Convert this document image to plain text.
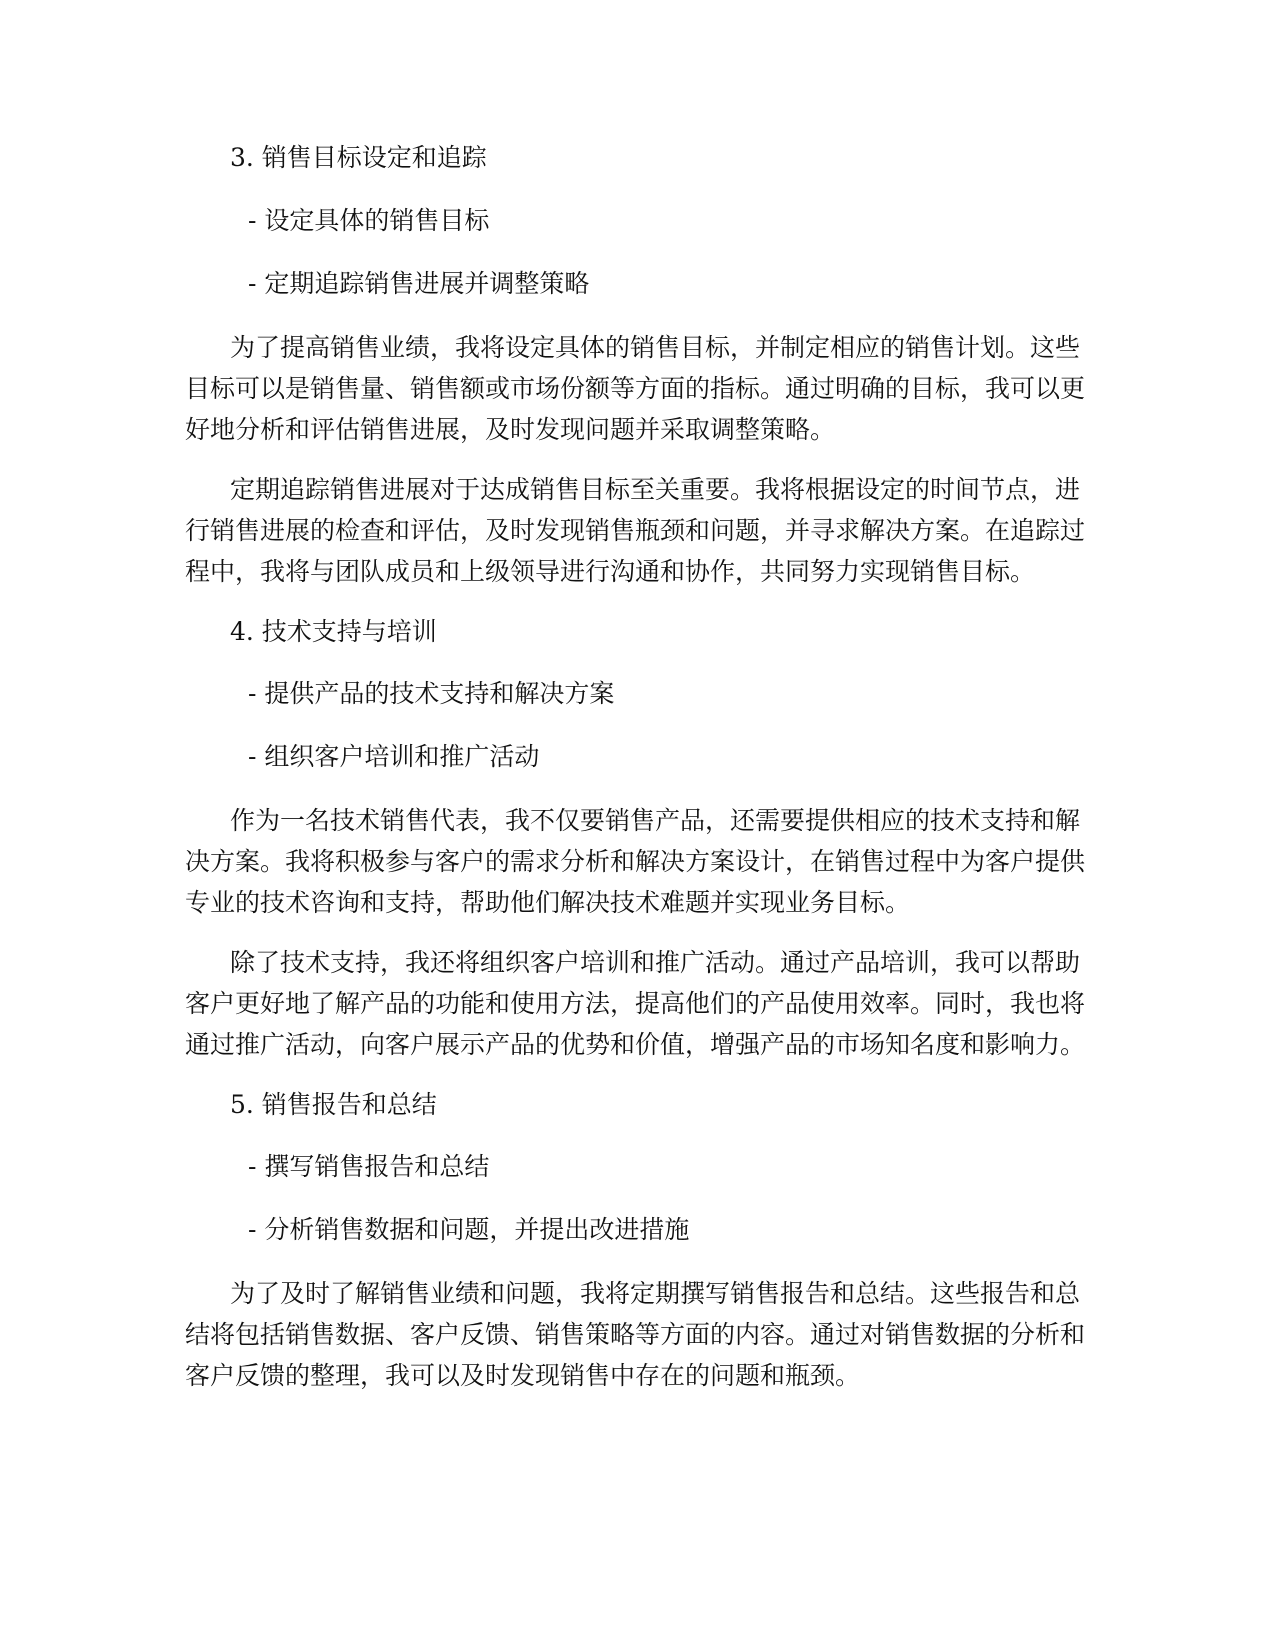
3. 销售目标设定和追踪
- 设定具体的销售目标
- 定期追踪销售进展并调整策略
为了提高销售业绩，我将设定具体的销售目标，并制定相应的销售计划。这些
目标可以是销售量、销售额或市场份额等方面的指标。通过明确的目标，我可以更
好地分析和评估销售进展，及时发现问题并采取调整策略。
定期追踪销售进展对于达成销售目标至关重要。我将根据设定的时间节点，进
行销售进展的检查和评估，及时发现销售瓶颈和问题，并寻求解决方案。在追踪过
程中，我将与团队成员和上级领导进行沟通和协作，共同努力实现销售目标。
4. 技术支持与培训
- 提供产品的技术支持和解决方案
- 组织客户培训和推广活动
作为一名技术销售代表，我不仅要销售产品，还需要提供相应的技术支持和解
决方案。我将积极参与客户的需求分析和解决方案设计，在销售过程中为客户提供
专业的技术咨询和支持，帮助他们解决技术难题并实现业务目标。
除了技术支持，我还将组织客户培训和推广活动。通过产品培训，我可以帮助
客户更好地了解产品的功能和使用方法，提高他们的产品使用效率。同时，我也将
通过推广活动，向客户展示产品的优势和价值，增强产品的市场知名度和影响力。
5. 销售报告和总结
- 撰写销售报告和总结
- 分析销售数据和问题，并提出改进措施
为了及时了解销售业绩和问题，我将定期撰写销售报告和总结。这些报告和总
结将包括销售数据、客户反馈、销售策略等方面的内容。通过对销售数据的分析和
客户反馈的整理，我可以及时发现销售中存在的问题和瓶颈。
